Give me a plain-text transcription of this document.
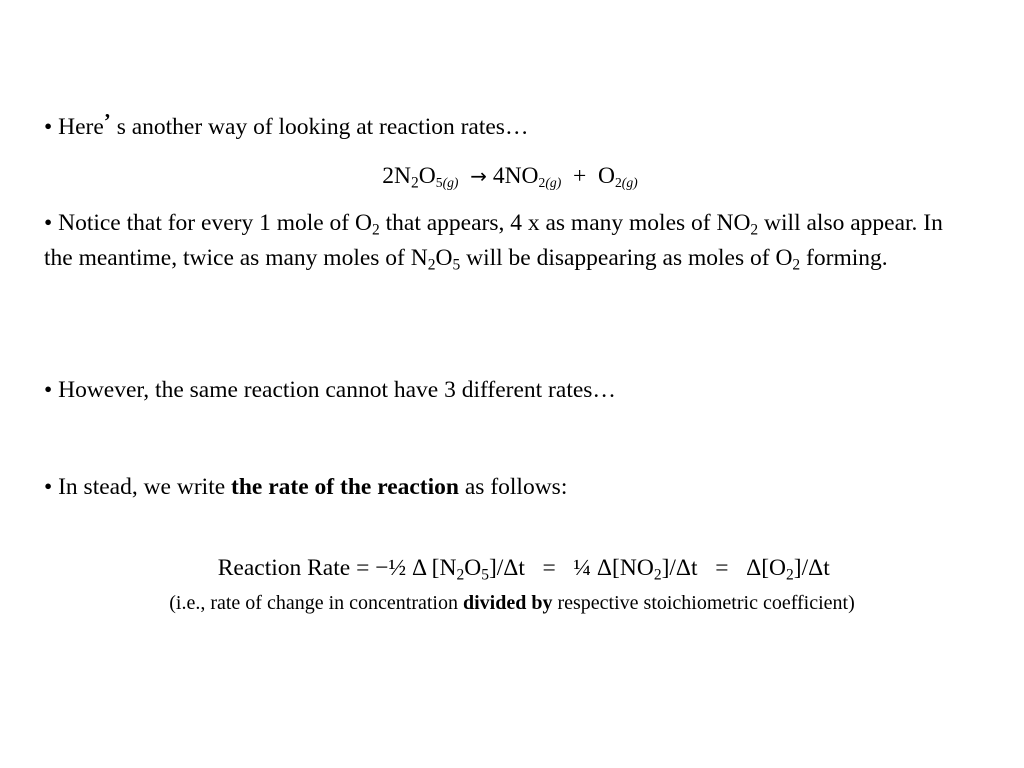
• Here’ s another way of looking at reaction rates…
$2N_2O_{5(g)} \to 4NO_{2(g)} + O_{2(g)}$
• Notice that for every 1 mole of $O_2$ that appears, 4 x as many moles of $NO_2$ will also appear. In the meantime, twice as many moles of $N_2O_5$ will be disappearing as moles of $O_2$ forming.
• However, the same reaction cannot have 3 different rates…
• In stead, we write the rate of the reaction as follows:

Reaction Rate = −½ Δ $[N_2O_5]/\Delta t$   =   ¼ $\Delta[NO_2]/\Delta t = \Delta[O_2]/\Delta t$

(i.e., rate of change in concentration divided by respective stoichiometric coefficient)
